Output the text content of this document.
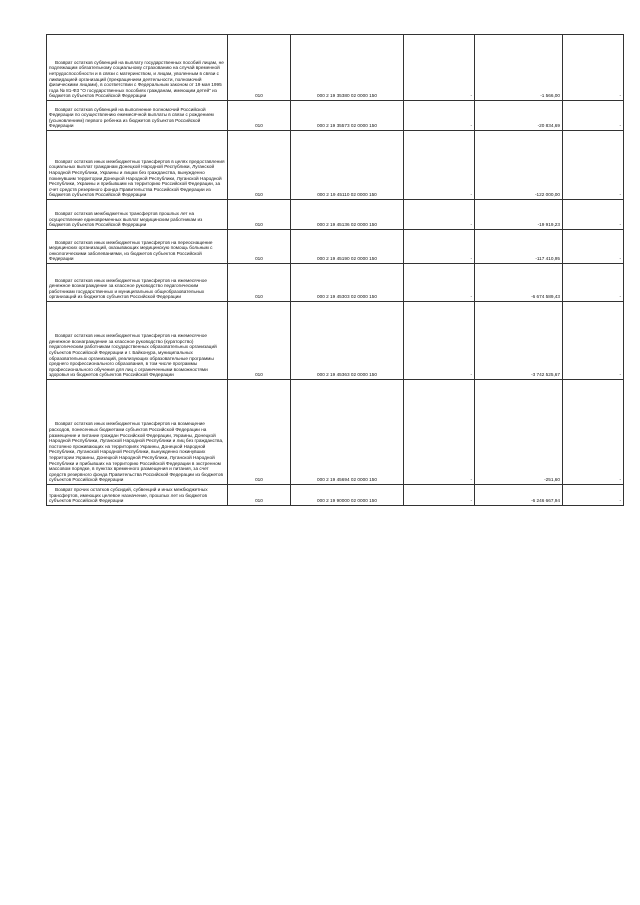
Возврат остатков субвенций на выплату государственных пособий лицам, не подлежащим обязательному социальному страхованию на случай временной нетрудоспособности и в связи с материнством, и лицам, уволенным в связи с ликвидацией организаций (прекращением деятельности, полномочий физическими лицами), в соответствии с Федеральным законом от 19 мая 1995 года № 81-ФЗ "О государственных пособиях гражданам, имеющим детей" из бюджетов субъектов Российской Федерации	010	000 2 19 35380 02 0000 150	-	-1 566,00	-

Возврат остатков субвенций на выполнение полномочий Российской Федерации по осуществлению ежемесячной выплаты в связи с рождением (усыновлением) первого ребенка из бюджетов субъектов Российской Федерации	010	000 2 19 35573 02 0000 150	-	-20 834,69	-

Возврат остатков иных межбюджетных трансфертов в целях предоставления социальных выплат гражданам Донецкой Народной Республики, Луганской Народной Республики, Украины и лицам без гражданства, вынужденно покинувшим территории Донецкой Народной Республики, Луганской Народной Республики, Украины и прибывшим на территорию Российской Федерации, за счет средств резервного фонда Правительства Российской Федерации из бюджетов субъектов Российской Федерации	010	000 2 19 45110 02 0000 150	-	-122 000,00	-

Возврат остатков межбюджетных трансфертов прошлых лет на осуществление единовременных выплат медицинским работникам из бюджетов субъектов Российской Федерации	010	000 2 19 45136 02 0000 150	-	-19 919,23	-

Возврат остатков иных межбюджетных трансфертов на переоснащение медицинских организаций, оказывающих медицинскую помощь больным с онкологическими заболеваниями, из бюджетов субъектов Российской Федерации	010	000 2 19 45190 02 0000 150	-	-117 410,95	-

Возврат остатков иных межбюджетных трансфертов на ежемесячное денежное вознаграждение за классное руководство педагогическим работникам государственных и муниципальных общеобразовательных организаций из бюджетов субъектов Российской Федерации	010	000 2 19 45303 02 0000 150	-	-6 674 589,43	-

Возврат остатков иных межбюджетных трансфертов на ежемесячное денежное вознаграждение за классное руководство (кураторство) педагогическим работникам государственных образовательных организаций субъектов Российской Федерации и г. Байконура, муниципальных образовательных организаций, реализующих образовательные программы среднего профессионального образования, в том числе программы профессионального обучения для лиц с ограниченными возможностями здоровья из бюджетов субъектов Российской Федерации	010	000 2 19 45363 02 0000 150	-	-3 742 525,67	-

Возврат остатков иных межбюджетных трансфертов на возмещение расходов, понесенных бюджетами субъектов Российской Федерации на размещение и питание граждан Российской Федерации, Украины, Донецкой Народной Республики, Луганской Народной Республики и лиц без гражданства, постоянно проживающих на территориях Украины, Донецкой Народной Республики, Луганской Народной Республики, вынужденно покинувших территории Украины, Донецкой Народной Республики, Луганской Народной Республики и прибывших на территорию Российской Федерации в экстренном массовом порядке, в пунктах временного размещения и питания, за счет средств резервного фонда Правительства Российской Федерации из бюджетов субъектов Российской Федерации	010	000 2 19 45694 02 0000 150	-	-251,60	-

Возврат прочих остатков субсидий, субвенций и иных межбюджетных трансфертов, имеющих целевое назначение, прошлых лет из бюджетов субъектов Российской Федерации	010	000 2 19 90000 02 0000 150	-	-6 246 667,94	-
